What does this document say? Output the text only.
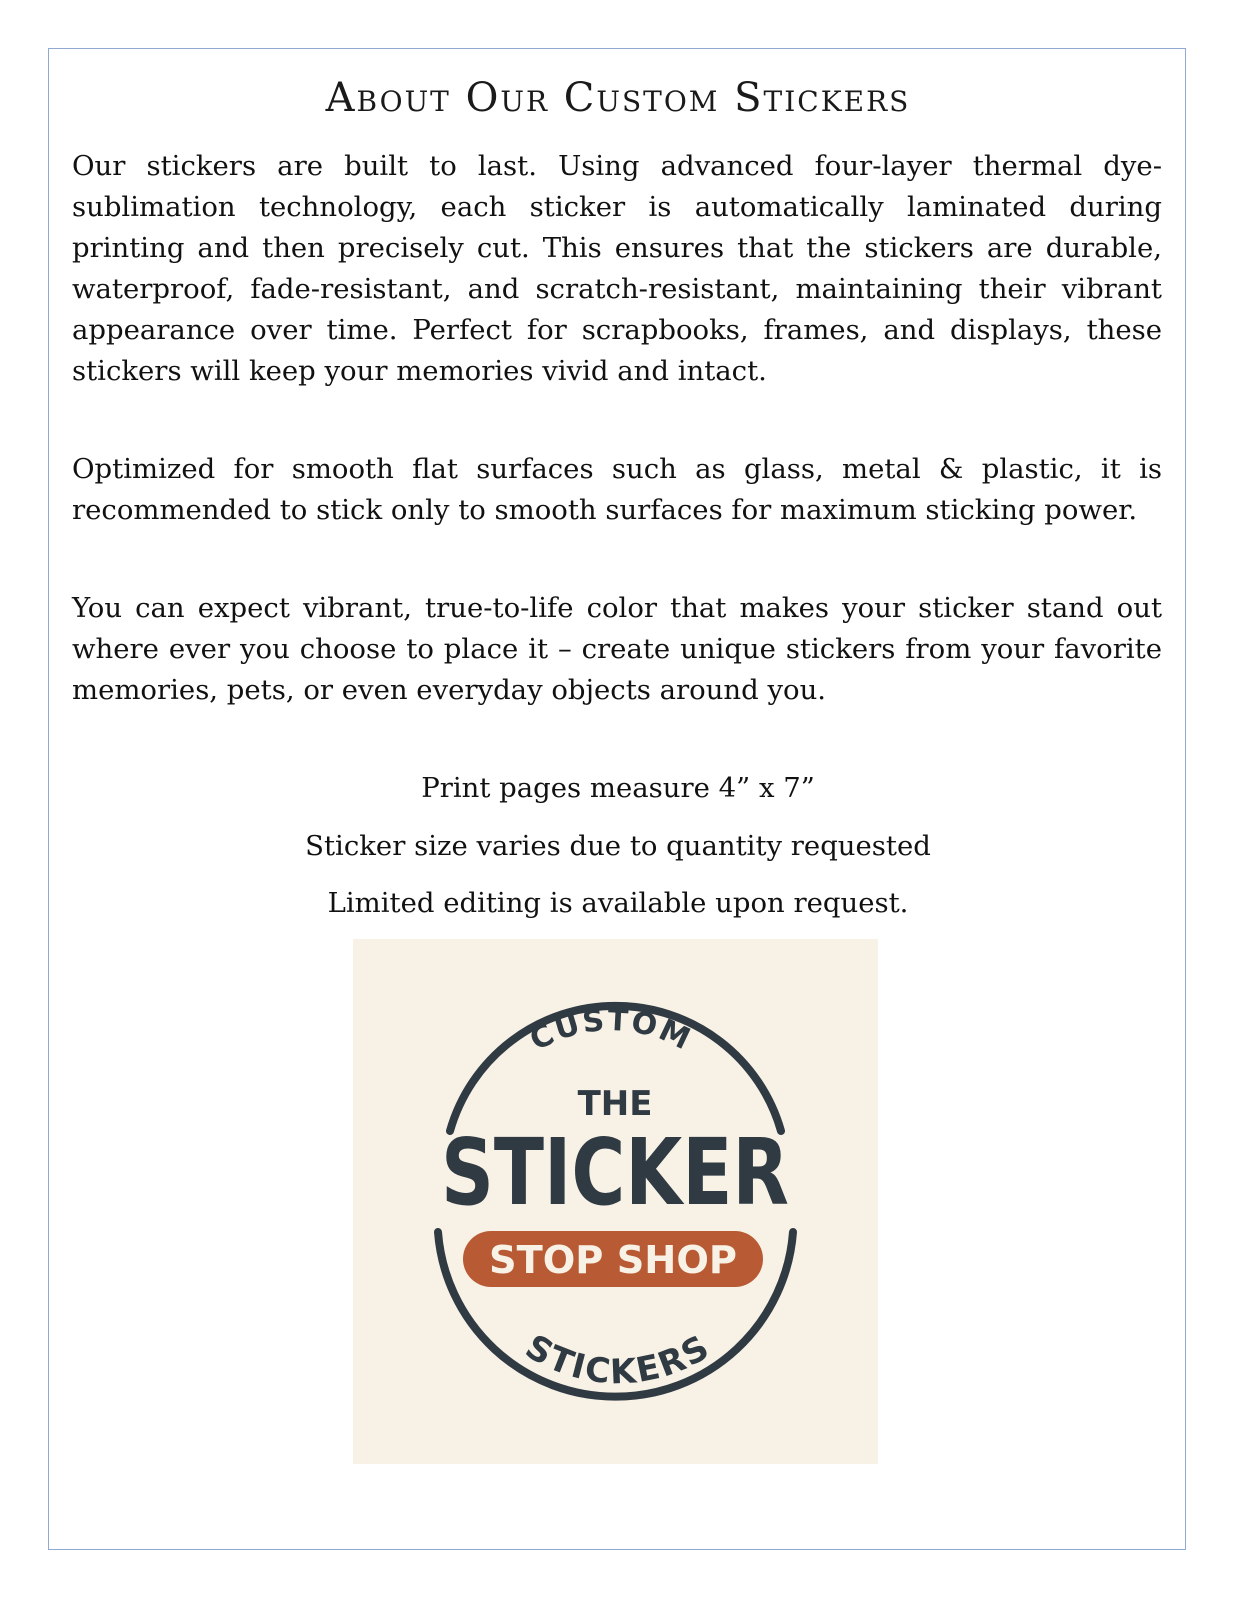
About Our Custom Stickers
Our stickers are built to last. Using advanced four-layer thermal dye-sublimation technology, each sticker is automatically laminated during printing and then precisely cut. This ensures that the stickers are durable, waterproof, fade-resistant, and scratch-resistant, maintaining their vibrant appearance over time. Perfect for scrapbooks, frames, and displays, these stickers will keep your memories vivid and intact.
Optimized for smooth flat surfaces such as glass, metal & plastic, it is recommended to stick only to smooth surfaces for maximum sticking power.
You can expect vibrant, true-to-life color that makes your sticker stand out where ever you choose to place it – create unique stickers from your favorite memories, pets, or even everyday objects around you.
Print pages measure 4” x 7”
Sticker size varies due to quantity requested
Limited editing is available upon request.
CUSTOM
THE
STICKER
STOP SHOP
STICKERS
